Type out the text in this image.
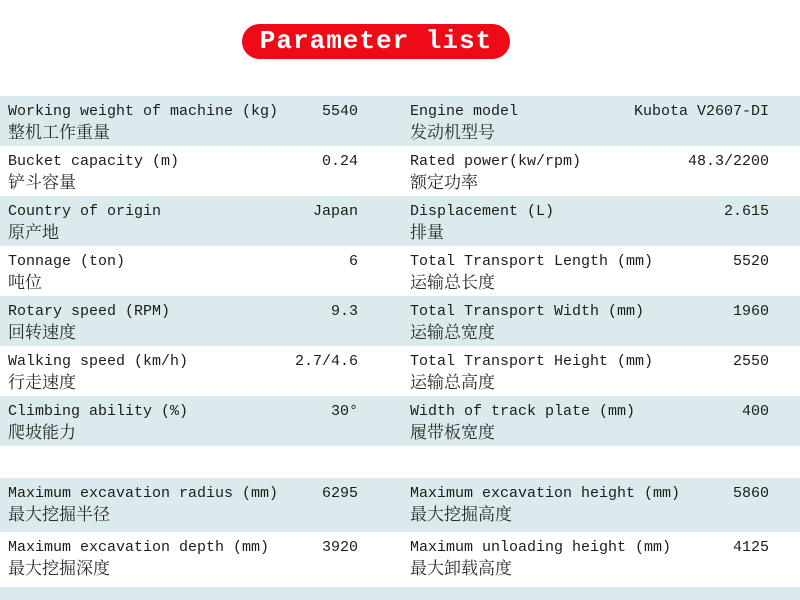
Parameter list
Working weight of machine (kg)	5540
整机工作重量
Engine model	Kubota V2607-DI
发动机型号
Bucket capacity (m)	0.24
铲斗容量
Rated power(kw/rpm)	48.3/2200
额定功率
Country of origin	Japan
原产地
Displacement (L)	2.615
排量
Tonnage (ton)	6
吨位
Total Transport Length (mm)	5520
运输总长度
Rotary speed (RPM)	9.3
回转速度
Total Transport Width (mm)	1960
运输总宽度
Walking speed (km/h)	2.7/4.6
行走速度
Total Transport Height (mm)	2550
运输总高度
Climbing ability (%)	30°
爬坡能力
Width of track plate (mm)	400
履带板宽度
Maximum excavation radius (mm)	6295
最大挖掘半径
Maximum excavation height (mm)	5860
最大挖掘高度
Maximum excavation depth (mm)	3920
最大挖掘深度
Maximum unloading height (mm)	4125
最大卸载高度
